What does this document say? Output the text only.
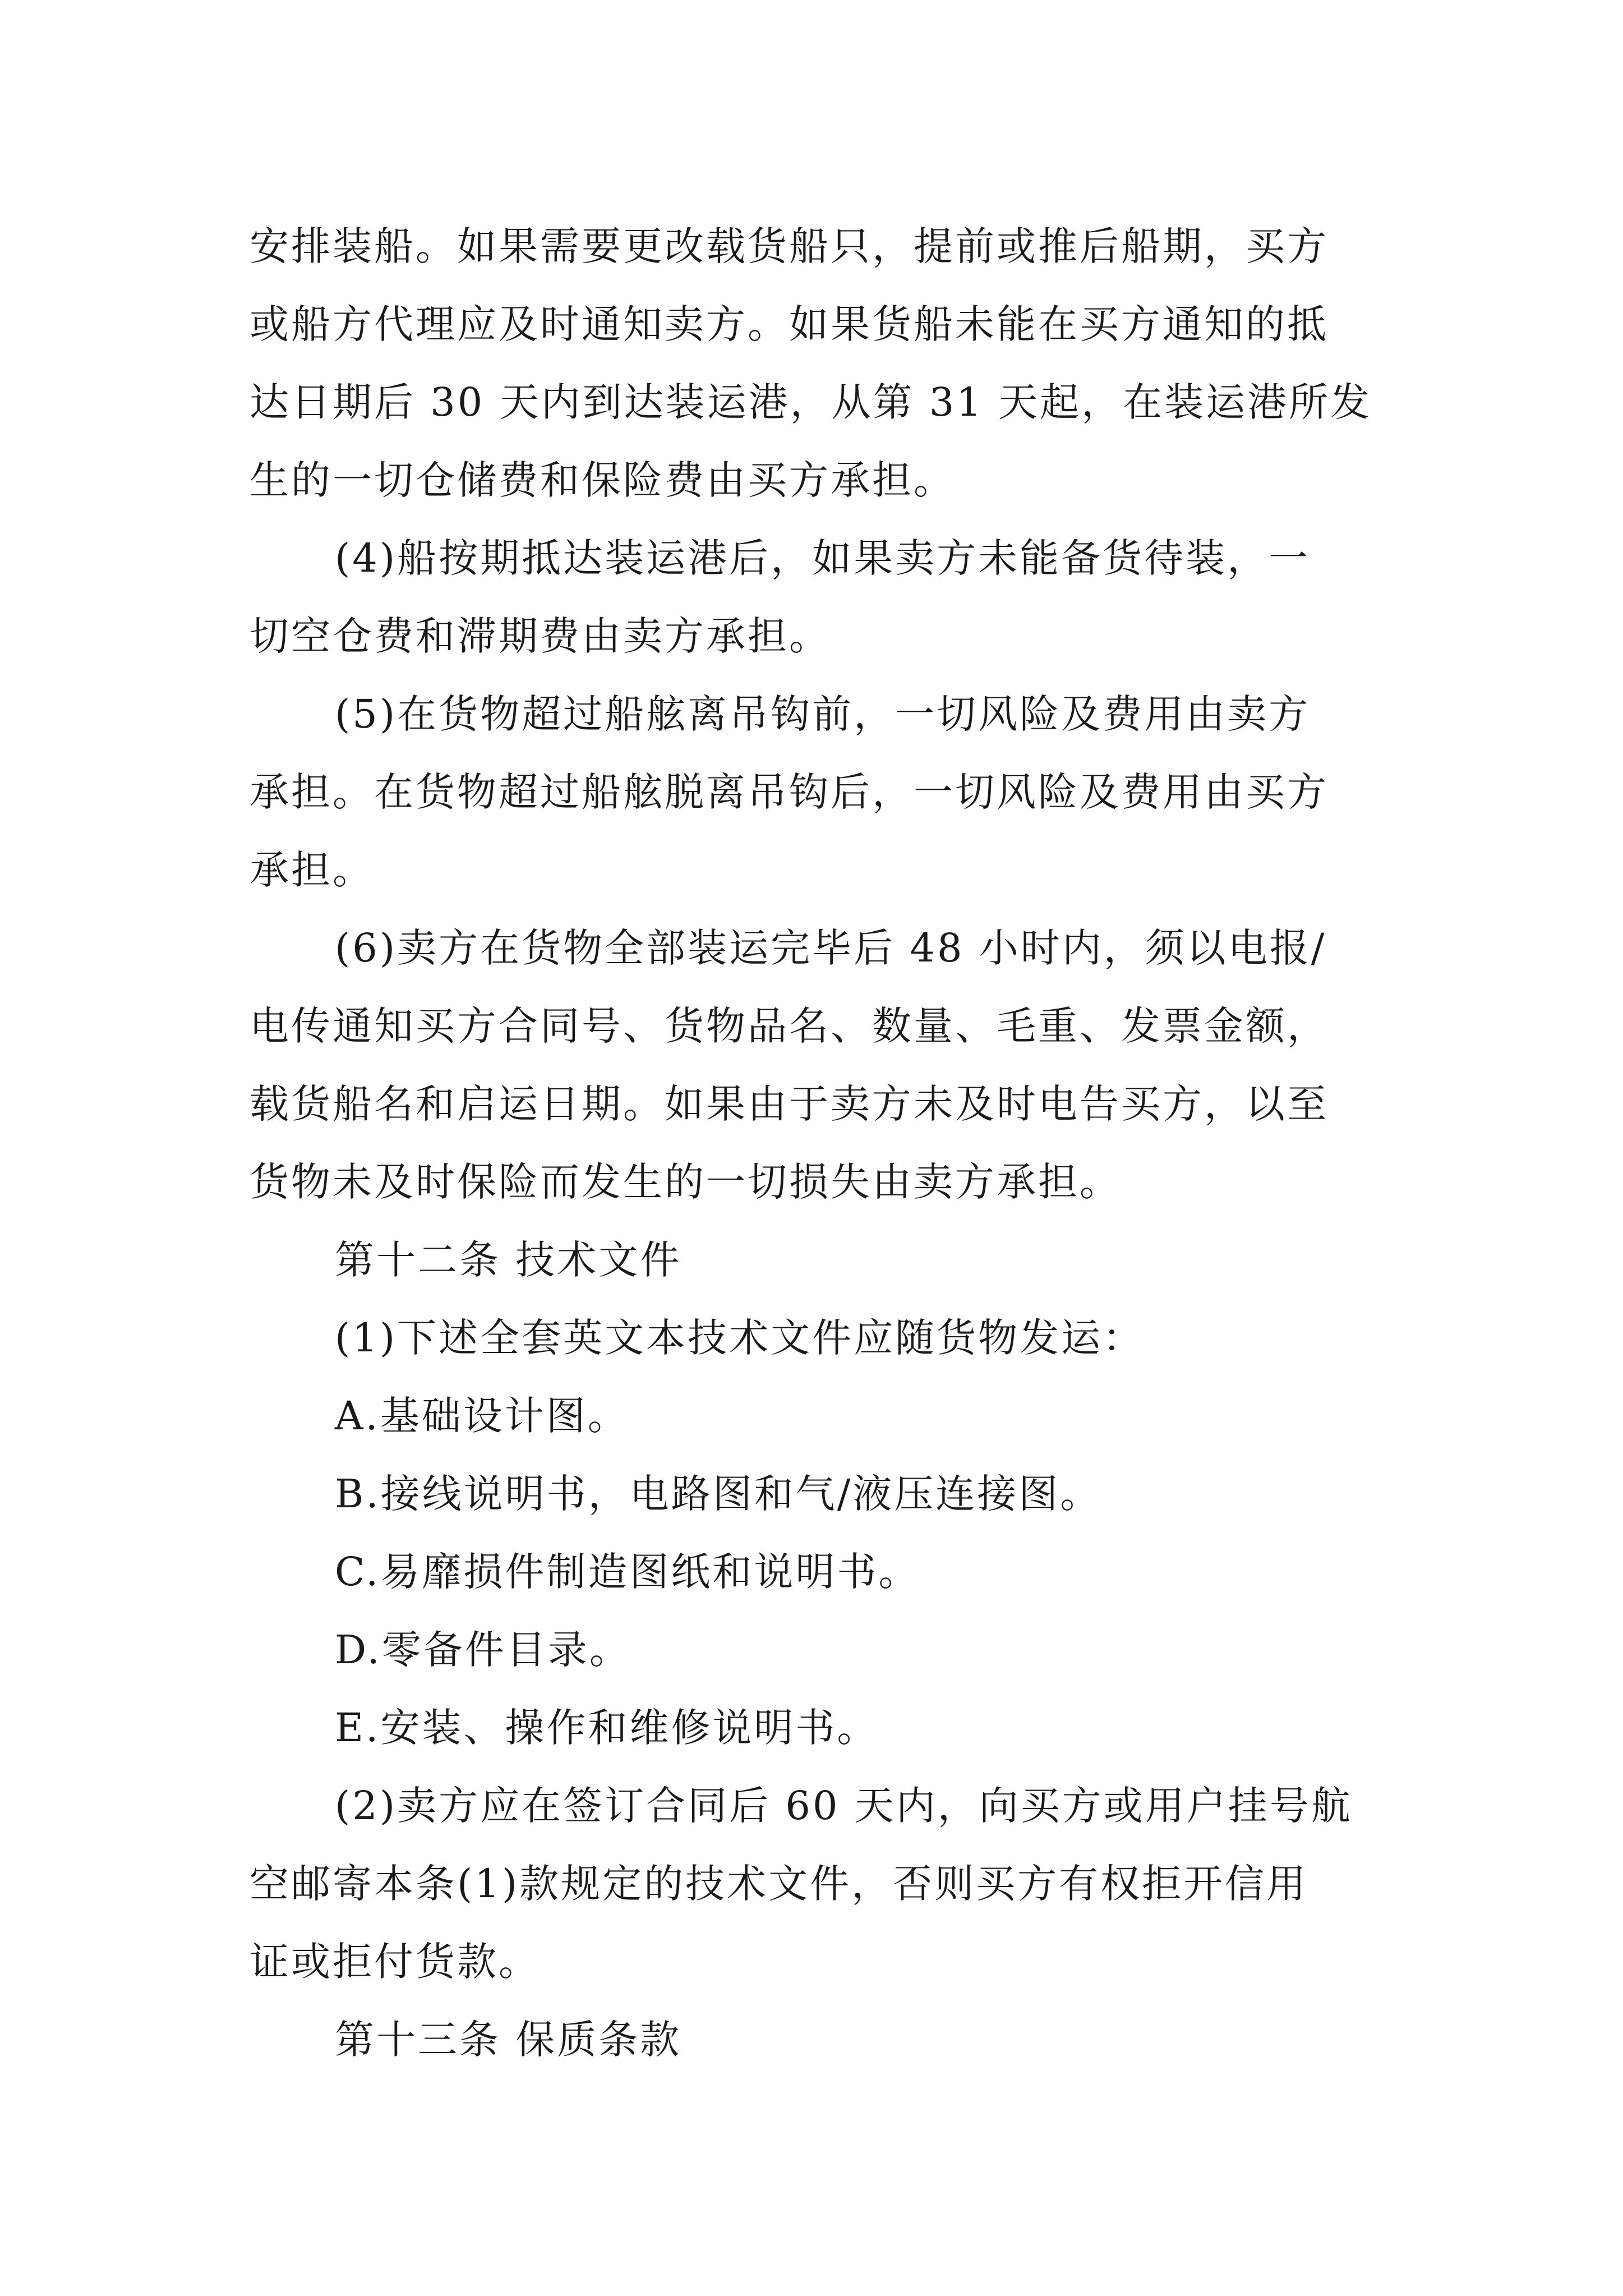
安排装船。如果需要更改载货船只，提前或推后船期，买方
或船方代理应及时通知卖方。如果货船未能在买方通知的抵
达日期后 30 天内到达装运港，从第 31 天起，在装运港所发
生的一切仓储费和保险费由买方承担。
(4)船按期抵达装运港后，如果卖方未能备货待装，一
切空仓费和滞期费由卖方承担。
(5)在货物超过船舷离吊钩前，一切风险及费用由卖方
承担。在货物超过船舷脱离吊钩后，一切风险及费用由买方
承担。
(6)卖方在货物全部装运完毕后 48 小时内，须以电报/
电传通知买方合同号、货物品名、数量、毛重、发票金额，
载货船名和启运日期。如果由于卖方未及时电告买方，以至
货物未及时保险而发生的一切损失由卖方承担。
第十二条 技术文件
(1)下述全套英文本技术文件应随货物发运：
A.基础设计图。
B.接线说明书，电路图和气/液压连接图。
C.易靡损件制造图纸和说明书。
D.零备件目录。
E.安装、操作和维修说明书。
(2)卖方应在签订合同后 60 天内，向买方或用户挂号航
空邮寄本条(1)款规定的技术文件，否则买方有权拒开信用
证或拒付货款。
第十三条 保质条款
